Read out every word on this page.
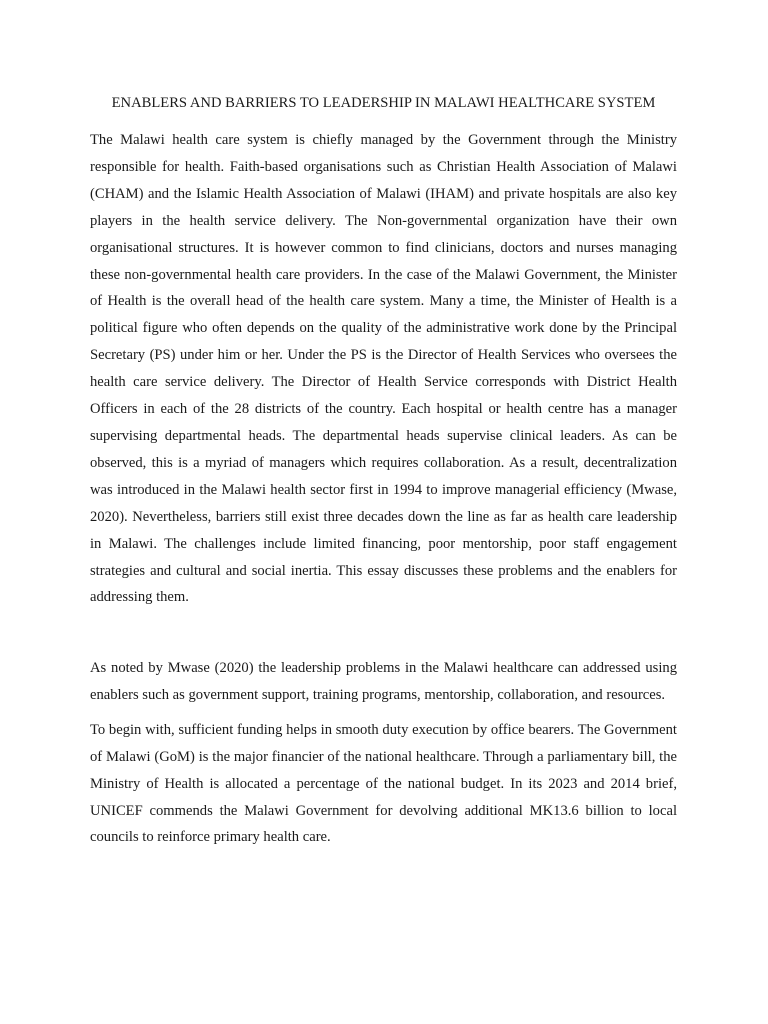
ENABLERS AND BARRIERS TO LEADERSHIP IN MALAWI HEALTHCARE SYSTEM

The Malawi health care system is chiefly managed by the Government through the Ministry responsible for health. Faith-based organisations such as Christian Health Association of Malawi (CHAM) and the Islamic Health Association of Malawi (IHAM) and private hospitals are also key players in the health service delivery. The Non-governmental organization have their own organisational structures. It is however common to find clinicians, doctors and nurses managing these non-governmental health care providers. In the case of the Malawi Government, the Minister of Health is the overall head of the health care system. Many a time, the Minister of Health is a political figure who often depends on the quality of the administrative work done by the Principal Secretary (PS) under him or her. Under the PS is the Director of Health Services who oversees the health care service delivery. The Director of Health Service corresponds with District Health Officers in each of the 28 districts of the country. Each hospital or health centre has a manager supervising departmental heads. The departmental heads supervise clinical leaders. As can be observed, this is a myriad of managers which requires collaboration. As a result, decentralization was introduced in the Malawi health sector first in 1994 to improve managerial efficiency (Mwase, 2020). Nevertheless, barriers still exist three decades down the line as far as health care leadership in Malawi. The challenges include limited financing, poor mentorship, poor staff engagement strategies and cultural and social inertia. This essay discusses these problems and the enablers for addressing them.

As noted by Mwase (2020) the leadership problems in the Malawi healthcare can addressed using enablers such as government support, training programs, mentorship, collaboration, and resources.

To begin with, sufficient funding helps in smooth duty execution by office bearers. The Government of Malawi (GoM) is the major financier of the national healthcare. Through a parliamentary bill, the Ministry of Health is allocated a percentage of the national budget. In its 2023 and 2014 brief, UNICEF commends the Malawi Government for devolving additional MK13.6 billion to local councils to reinforce primary health care.
